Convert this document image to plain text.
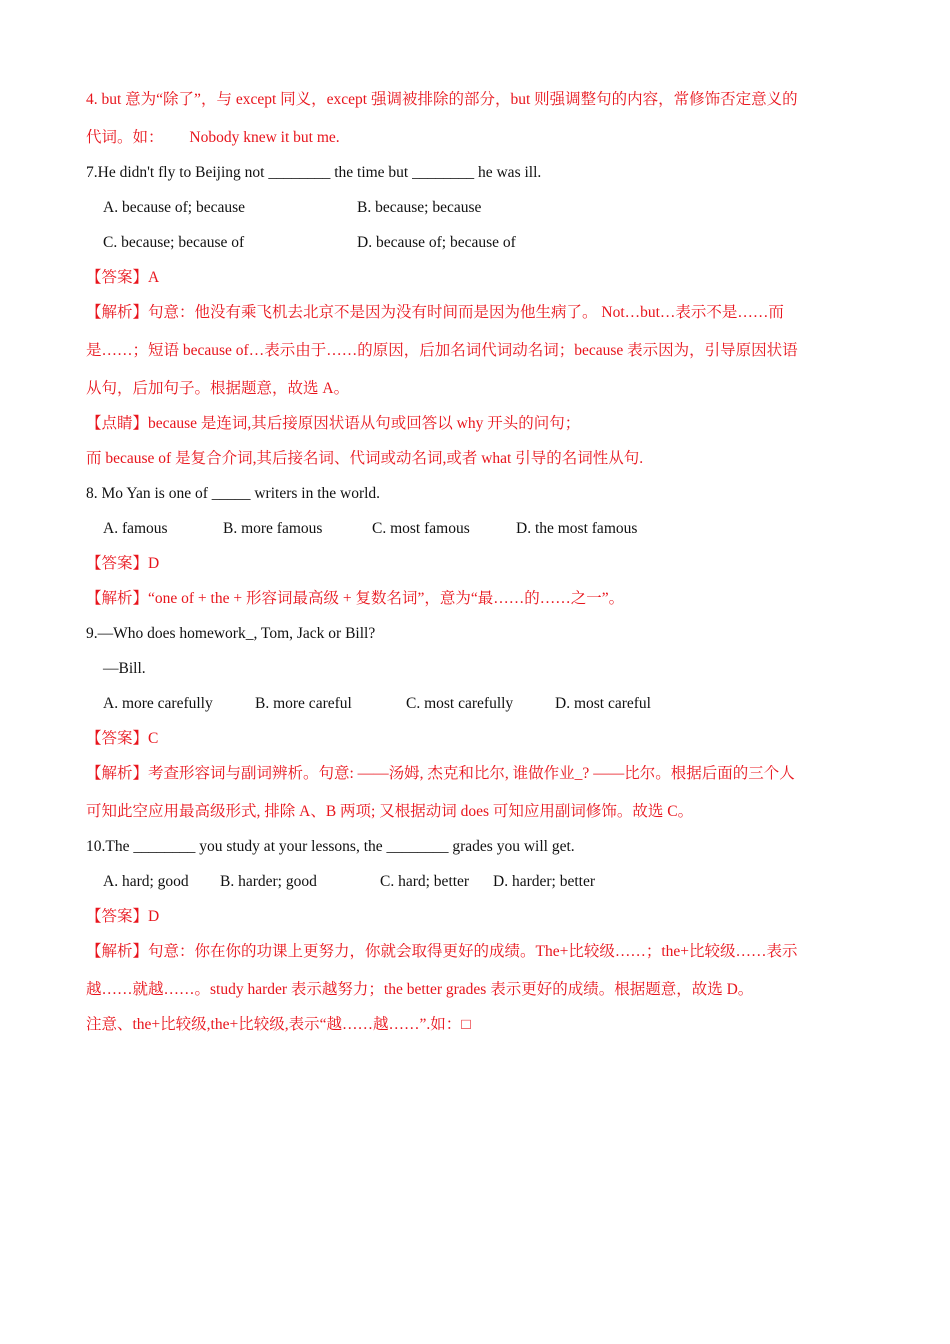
4. but 意为“除了”，与 except 同义，except 强调被排除的部分，but 则强调整句的内容，常修饰否定意义的
代词。如： Nobody knew it but me.
7.He didn't fly to Beijing not ________ the time but ________ he was ill.
A. because of; because	B. because; because
C. because; because of	D. because of; because of
【答案】A
【解析】句意：他没有乘飞机去北京不是因为没有时间而是因为他生病了。 Not…but…表示不是……而
是……；短语 because of…表示由于……的原因，后加名词代词动名词；because 表示因为，引导原因状语
从句，后加句子。根据题意，故选 A。
【点睛】because 是连词,其后接原因状语从句或回答以 why 开头的问句；
而 because of 是复合介词,其后接名词、代词或动名词,或者 what 引导的名词性从句.
8. Mo Yan is one of _____ writers in the world.
A. famous	B. more famous	C. most famous	D. the most famous
【答案】D
【解析】“one of + the + 形容词最高级 + 复数名词”，意为“最……的……之一”。
9.—Who does homework_, Tom, Jack or Bill?
—Bill.
A. more carefully	B. more careful	C. most carefully	D. most careful
【答案】C
【解析】考查形容词与副词辨析。句意: ——汤姆, 杰克和比尔, 谁做作业_? ——比尔。根据后面的三个人
可知此空应用最高级形式, 排除 A、B 两项; 又根据动词 does 可知应用副词修饰。故选 C。
10.The ________ you study at your lessons, the ________ grades you will get.
A. hard; good B. harder; good	C. hard; better D. harder; better
【答案】D
【解析】句意：你在你的功课上更努力，你就会取得更好的成绩。The+比较级……；the+比较级……表示
越……就越……。study harder 表示越努力；the better grades 表示更好的成绩。根据题意，故选 D。
注意、the+比较级,the+比较级,表示“越……越……”.如：□
